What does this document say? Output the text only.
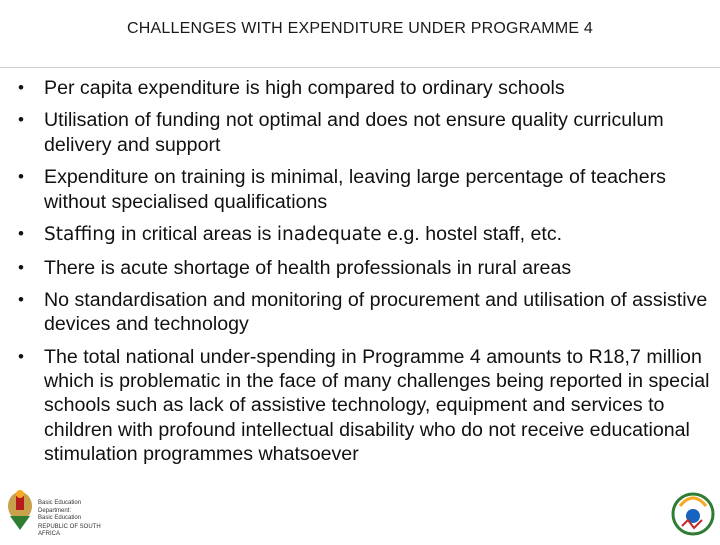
CHALLENGES WITH EXPENDITURE UNDER PROGRAMME 4
• Per capita expenditure is high compared to ordinary schools
• Utilisation of funding not optimal and does not ensure quality curriculum delivery and support
• Expenditure on training is minimal, leaving large percentage of teachers without specialised qualifications
• Staffing in critical areas is inadequate e.g. hostel staff, etc.
• There is acute shortage of health professionals in rural areas
• No standardisation and monitoring of procurement and utilisation of assistive devices and technology
• The total national under-spending in Programme 4 amounts to R18,7 million which is problematic in the face of many challenges being reported in special schools such as lack of assistive technology, equipment and services to children with profound intellectual disability who do not receive educational stimulation programmes whatsoever
Basic Education
Department:
Basic Education
REPUBLIC OF SOUTH AFRICA
